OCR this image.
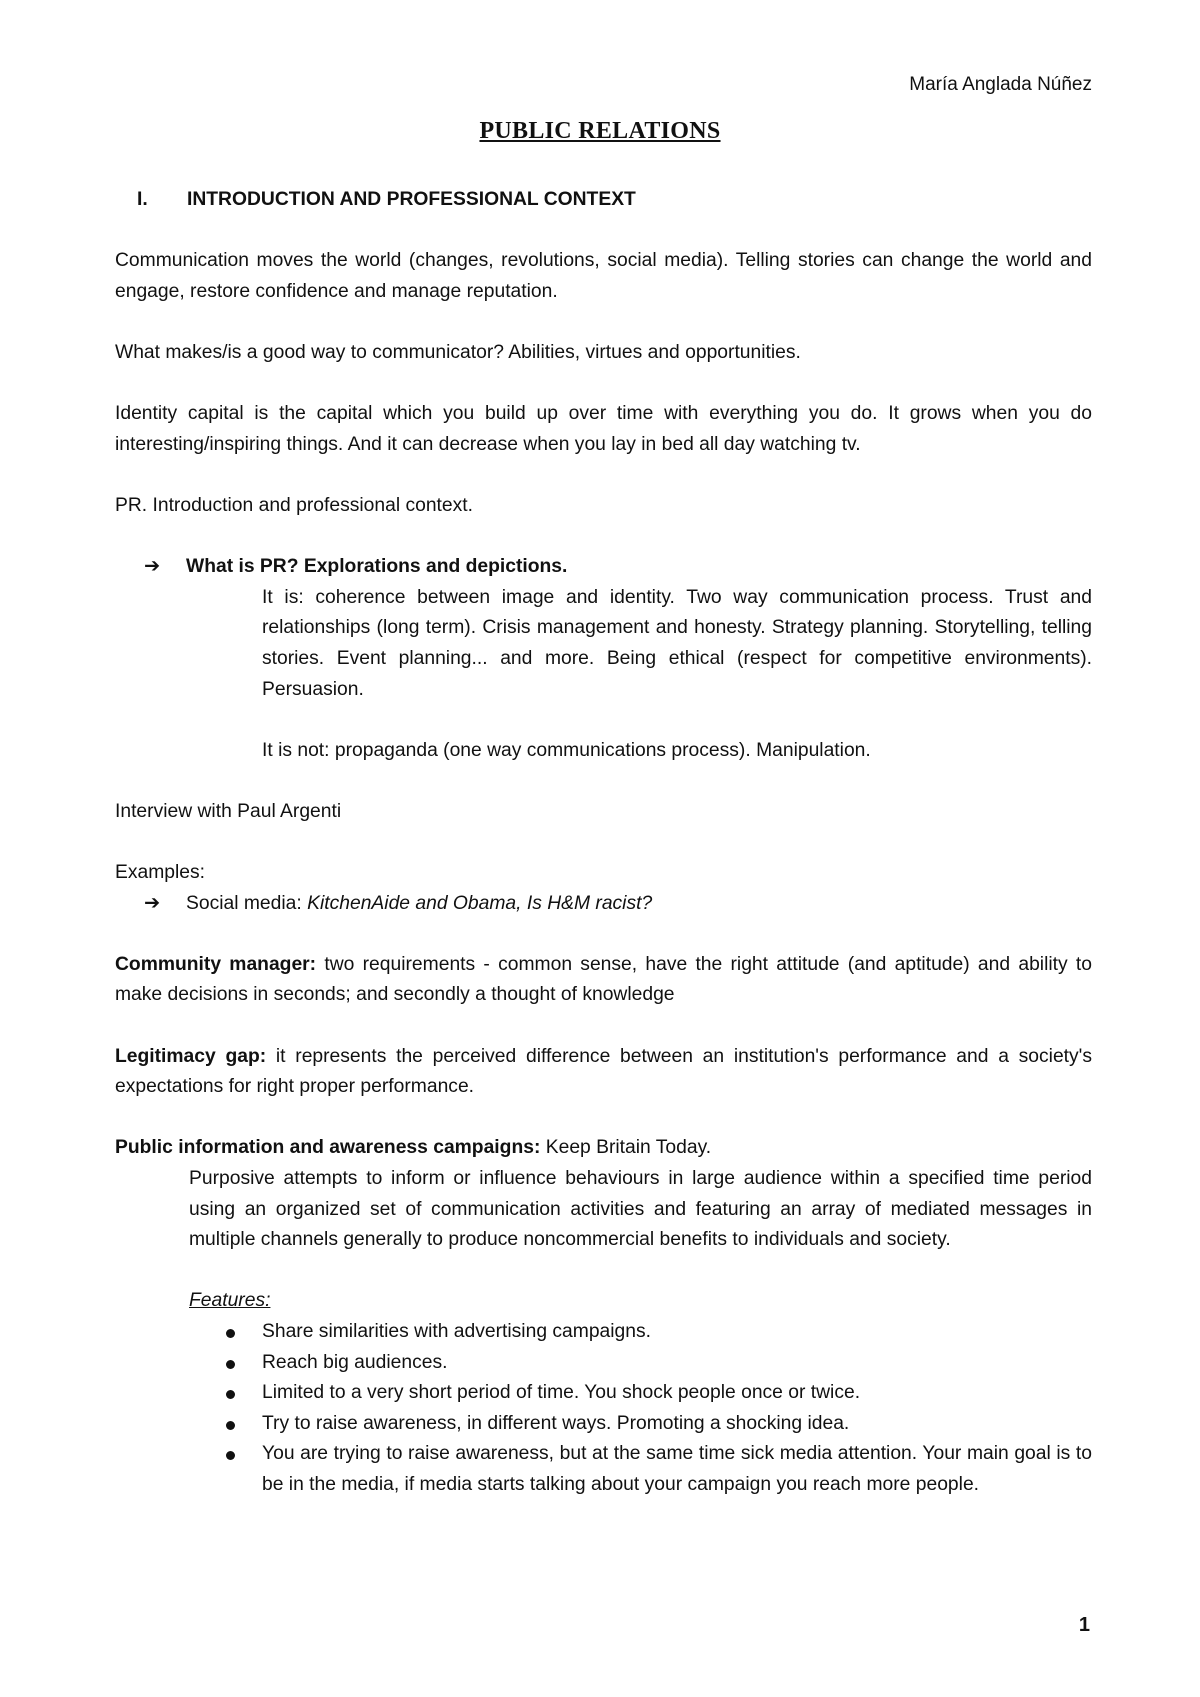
María Anglada Núñez
PUBLIC RELATIONS
I.	INTRODUCTION AND PROFESSIONAL CONTEXT

Communication moves the world (changes, revolutions, social media). Telling stories can change the world and engage, restore confidence and manage reputation.

What makes/is a good way to communicator? Abilities, virtues and opportunities.

Identity capital is the capital which you build up over time with everything you do. It grows when you do interesting/inspiring things. And it can decrease when you lay in bed all day watching tv.

PR. Introduction and professional context.

➔	What is PR? Explorations and depictions.

It is: coherence between image and identity. Two way communication process. Trust and relationships (long term). Crisis management and honesty. Strategy planning. Storytelling, telling stories. Event planning... and more. Being ethical (respect for competitive environments). Persuasion.

It is not: propaganda (one way communications process). Manipulation.

Interview with Paul Argenti

Examples:

➔	Social media: KitchenAide and Obama, Is H&M racist?

Community manager: two requirements - common sense, have the right attitude (and aptitude) and ability to make decisions in seconds; and secondly a thought of knowledge

Legitimacy gap: it represents the perceived difference between an institution's performance and a society's expectations for right proper performance.

Public information and awareness campaigns: Keep Britain Today.

Purposive attempts to inform or influence behaviours in large audience within a specified time period using an organized set of communication activities and featuring an array of mediated messages in multiple channels generally to produce noncommercial benefits to individuals and society.

Features:

Share similarities with advertising campaigns.
Reach big audiences.
Limited to a very short period of time. You shock people once or twice.
Try to raise awareness, in different ways. Promoting a shocking idea.
You are trying to raise awareness, but at the same time sick media attention. Your main goal is to be in the media, if media starts talking about your campaign you reach more people.
1
